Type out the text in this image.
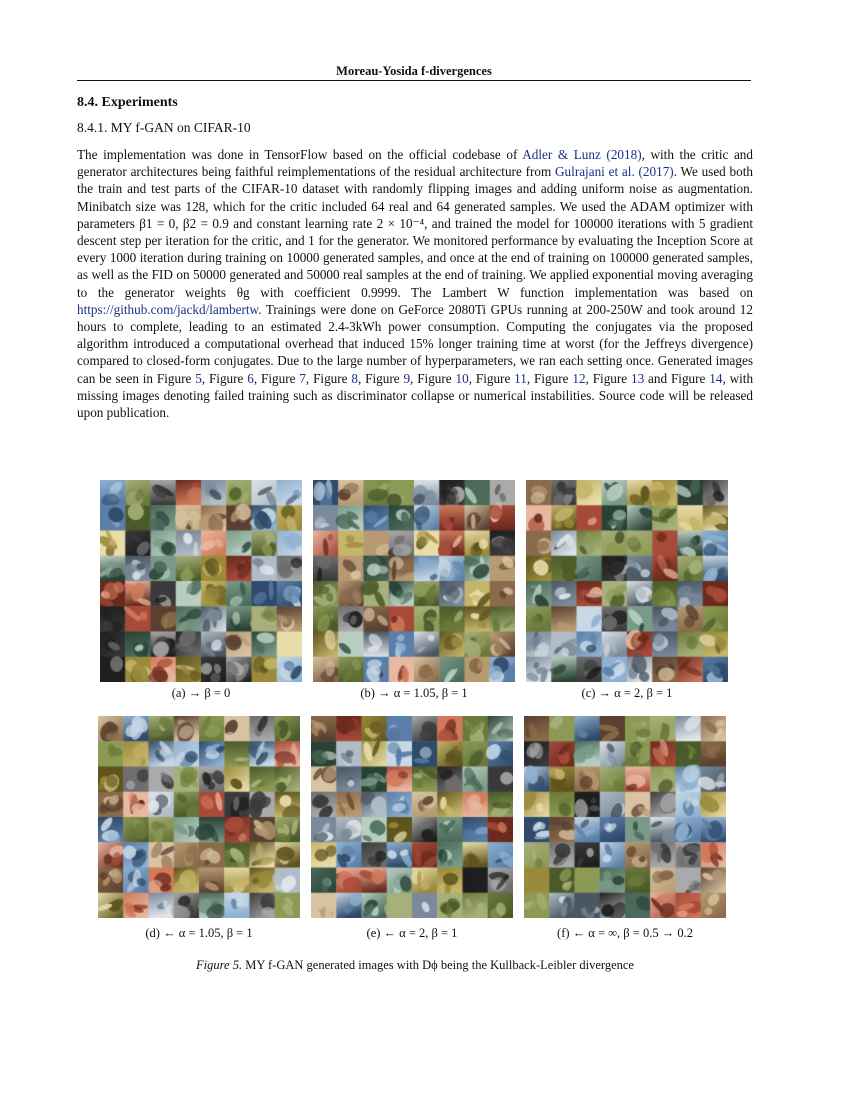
Moreau-Yosida f-divergences
8.4. Experiments
8.4.1. MY f-GAN on CIFAR-10
The implementation was done in TensorFlow based on the official codebase of Adler & Lunz (2018), with the critic and generator architectures being faithful reimplementations of the residual architecture from Gulrajani et al. (2017). We used both the train and test parts of the CIFAR-10 dataset with randomly flipping images and adding uniform noise as augmentation. Minibatch size was 128, which for the critic included 64 real and 64 generated samples. We used the ADAM optimizer with parameters β1 = 0, β2 = 0.9 and constant learning rate 2 × 10⁻⁴, and trained the model for 100000 iterations with 5 gradient descent step per iteration for the critic, and 1 for the generator. We monitored performance by evaluating the Inception Score at every 1000 iteration during training on 10000 generated samples, and once at the end of training on 100000 generated samples, as well as the FID on 50000 generated and 50000 real samples at the end of training. We applied exponential moving averaging to the generator weights θg with coefficient 0.9999. The Lambert W function implementation was based on https://github.com/jackd/lambertw. Trainings were done on GeForce 2080Ti GPUs running at 200-250W and took around 12 hours to complete, leading to an estimated 2.4-3kWh power consumption. Computing the conjugates via the proposed algorithm introduced a computational overhead that induced 15% longer training time at worst (for the Jeffreys divergence) compared to closed-form conjugates. Due to the large number of hyperparameters, we ran each setting once. Generated images can be seen in Figure 5, Figure 6, Figure 7, Figure 8, Figure 9, Figure 10, Figure 11, Figure 12, Figure 13 and Figure 14, with missing images denoting failed training such as discriminator collapse or numerical instabilities. Source code will be released upon publication.
(a) → β = 0	(b) → α = 1.05, β = 1	(c) → α = 2, β = 1
(d) ← α = 1.05, β = 1	(e) ← α = 2, β = 1	(f) ← α = ∞, β = 0.5 → 0.2
Figure 5. MY f-GAN generated images with Dϕ being the Kullback-Leibler divergence
